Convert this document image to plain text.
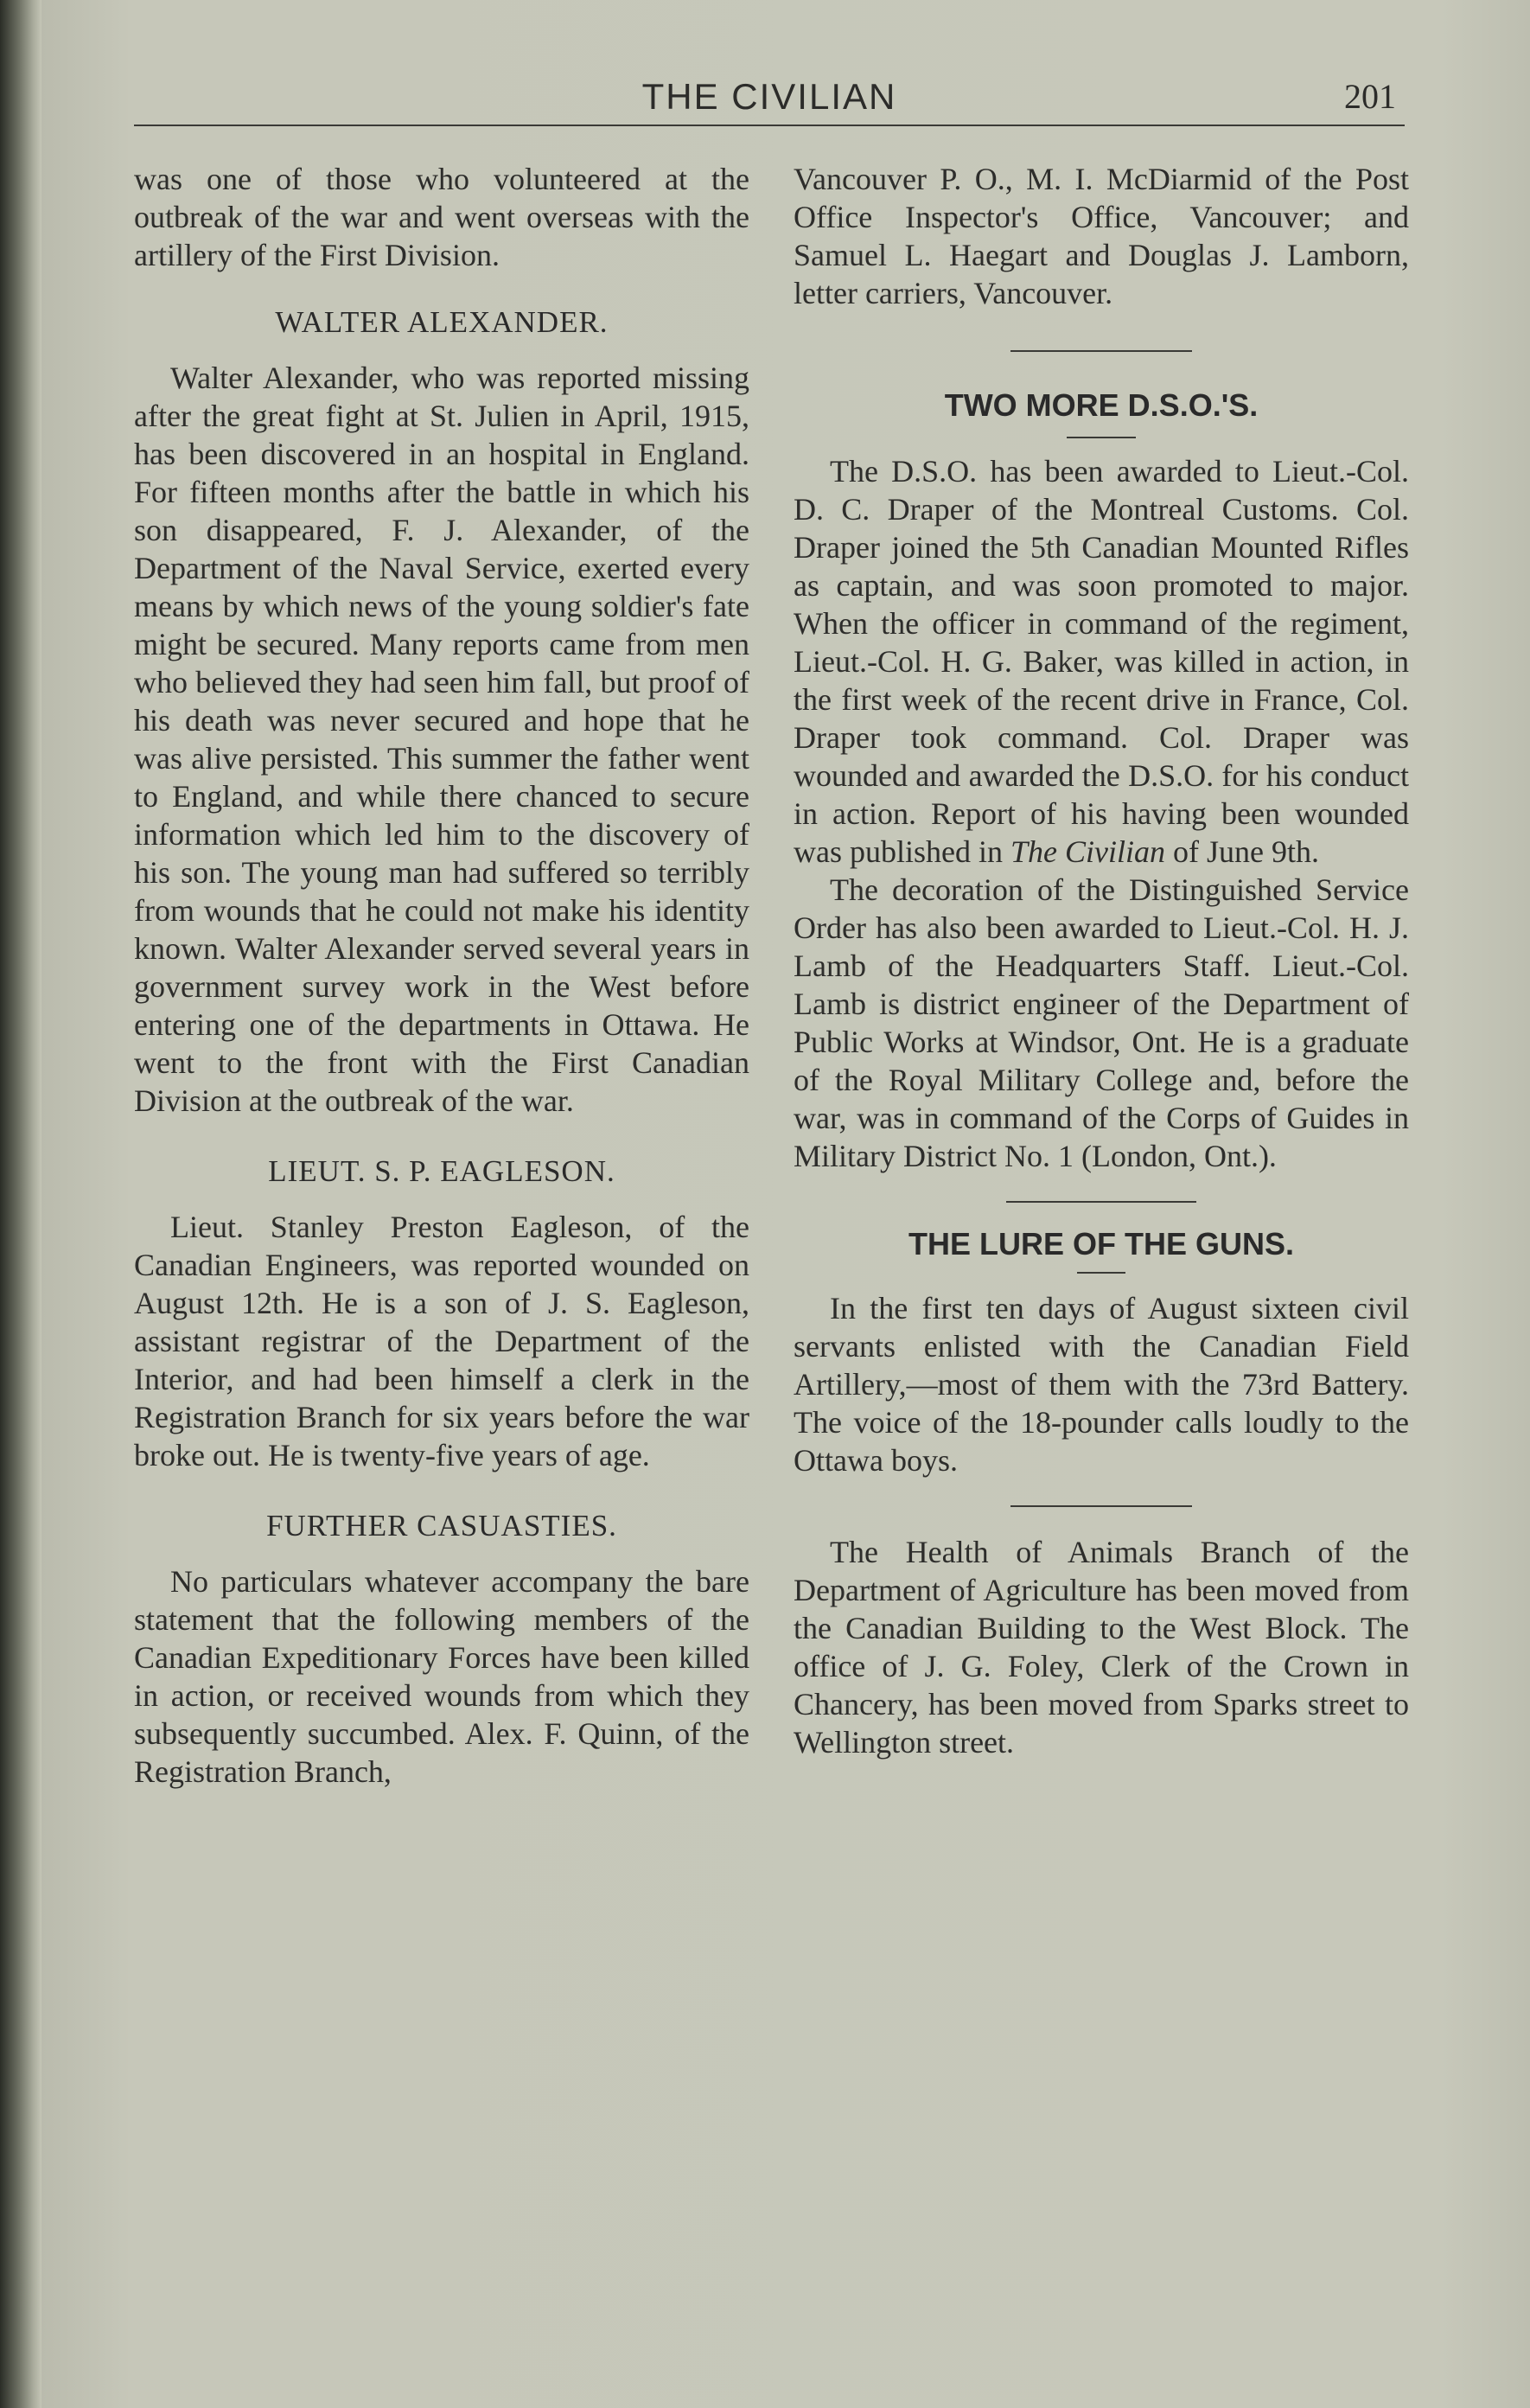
THE CIVILIAN	201

was one of those who volunteered at the outbreak of the war and went overseas with the artillery of the First Division.

WALTER ALEXANDER.

Walter Alexander, who was reported missing after the great fight at St. Julien in April, 1915, has been discovered in an hospital in England. For fifteen months after the battle in which his son disappeared, F. J. Alexander, of the Department of the Naval Service, exerted every means by which news of the young soldier's fate might be secured. Many reports came from men who believed they had seen him fall, but proof of his death was never secured and hope that he was alive persisted. This summer the father went to England, and while there chanced to secure information which led him to the discovery of his son. The young man had suffered so terribly from wounds that he could not make his identity known. Walter Alexander served several years in government survey work in the West before entering one of the departments in Ottawa. He went to the front with the First Canadian Division at the outbreak of the war.

LIEUT. S. P. EAGLESON.

Lieut. Stanley Preston Eagleson, of the Canadian Engineers, was reported wounded on August 12th. He is a son of J. S. Eagleson, assistant registrar of the Department of the Interior, and had been himself a clerk in the Registration Branch for six years before the war broke out. He is twenty-five years of age.

FURTHER CASUASTIES.

No particulars whatever accompany the bare statement that the following members of the Canadian Expeditionary Forces have been killed in action, or received wounds from which they subsequently succumbed. Alex. F. Quinn, of the Registration Branch,

Vancouver P. O., M. I. McDiarmid of the Post Office Inspector's Office, Vancouver; and Samuel L. Haegart and Douglas J. Lamborn, letter carriers, Vancouver.

TWO MORE D.S.O.'S.

The D.S.O. has been awarded to Lieut.-Col. D. C. Draper of the Montreal Customs. Col. Draper joined the 5th Canadian Mounted Rifles as captain, and was soon promoted to major. When the officer in command of the regiment, Lieut.-Col. H. G. Baker, was killed in action, in the first week of the recent drive in France, Col. Draper took command. Col. Draper was wounded and awarded the D.S.O. for his conduct in action. Report of his having been wounded was published in The Civilian of June 9th.

The decoration of the Distinguished Service Order has also been awarded to Lieut.-Col. H. J. Lamb of the Headquarters Staff. Lieut.-Col. Lamb is district engineer of the Department of Public Works at Windsor, Ont. He is a graduate of the Royal Military College and, before the war, was in command of the Corps of Guides in Military District No. 1 (London, Ont.).

THE LURE OF THE GUNS.

In the first ten days of August sixteen civil servants enlisted with the Canadian Field Artillery,—most of them with the 73rd Battery. The voice of the 18-pounder calls loudly to the Ottawa boys.

The Health of Animals Branch of the Department of Agriculture has been moved from the Canadian Building to the West Block. The office of J. G. Foley, Clerk of the Crown in Chancery, has been moved from Sparks street to Wellington street.
